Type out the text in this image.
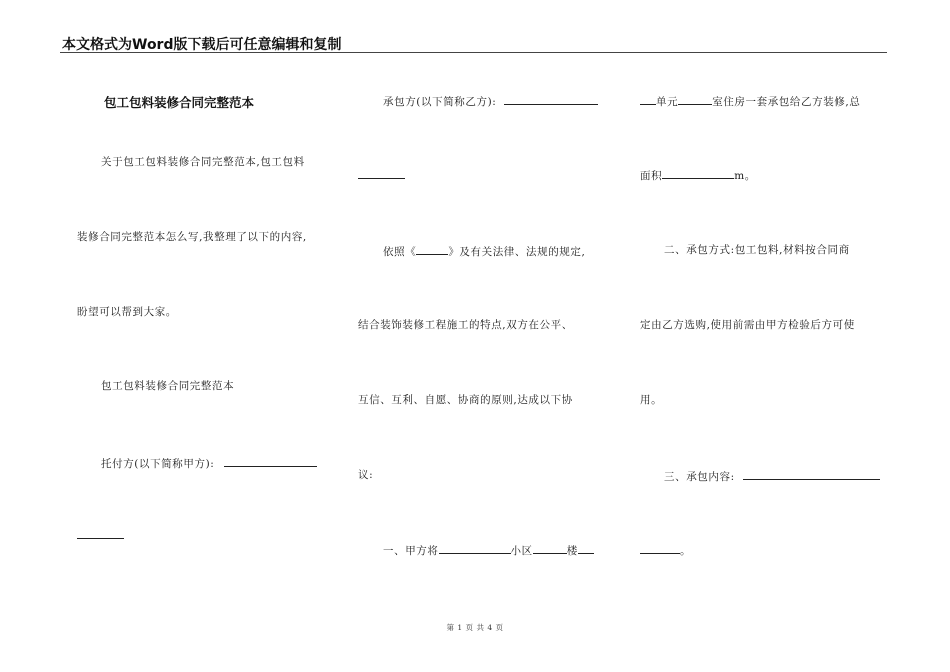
本文格式为Word版下载后可任意编辑和复制
包工包料装修合同完整范本
关于包工包料装修合同完整范本,包工包料
装修合同完整范本怎么写,我整理了以下的内容,
盼望可以帮到大家。
包工包料装修合同完整范本
托付方(以下简称甲方):
承包方(以下简称乙方):
依照《	》及有关法律、法规的规定,
结合装饰装修工程施工的特点,双方在公平、
互信、互利、自愿、协商的原则,达成以下协
议:
一、甲方将	小区	楼
单元	室住房一套承包给乙方装修,总
面积	m。
二、承包方式:包工包料,材料按合同商
定由乙方选购,使用前需由甲方检验后方可使
用。
三、承包内容:
。
第 1 页 共 4 页
